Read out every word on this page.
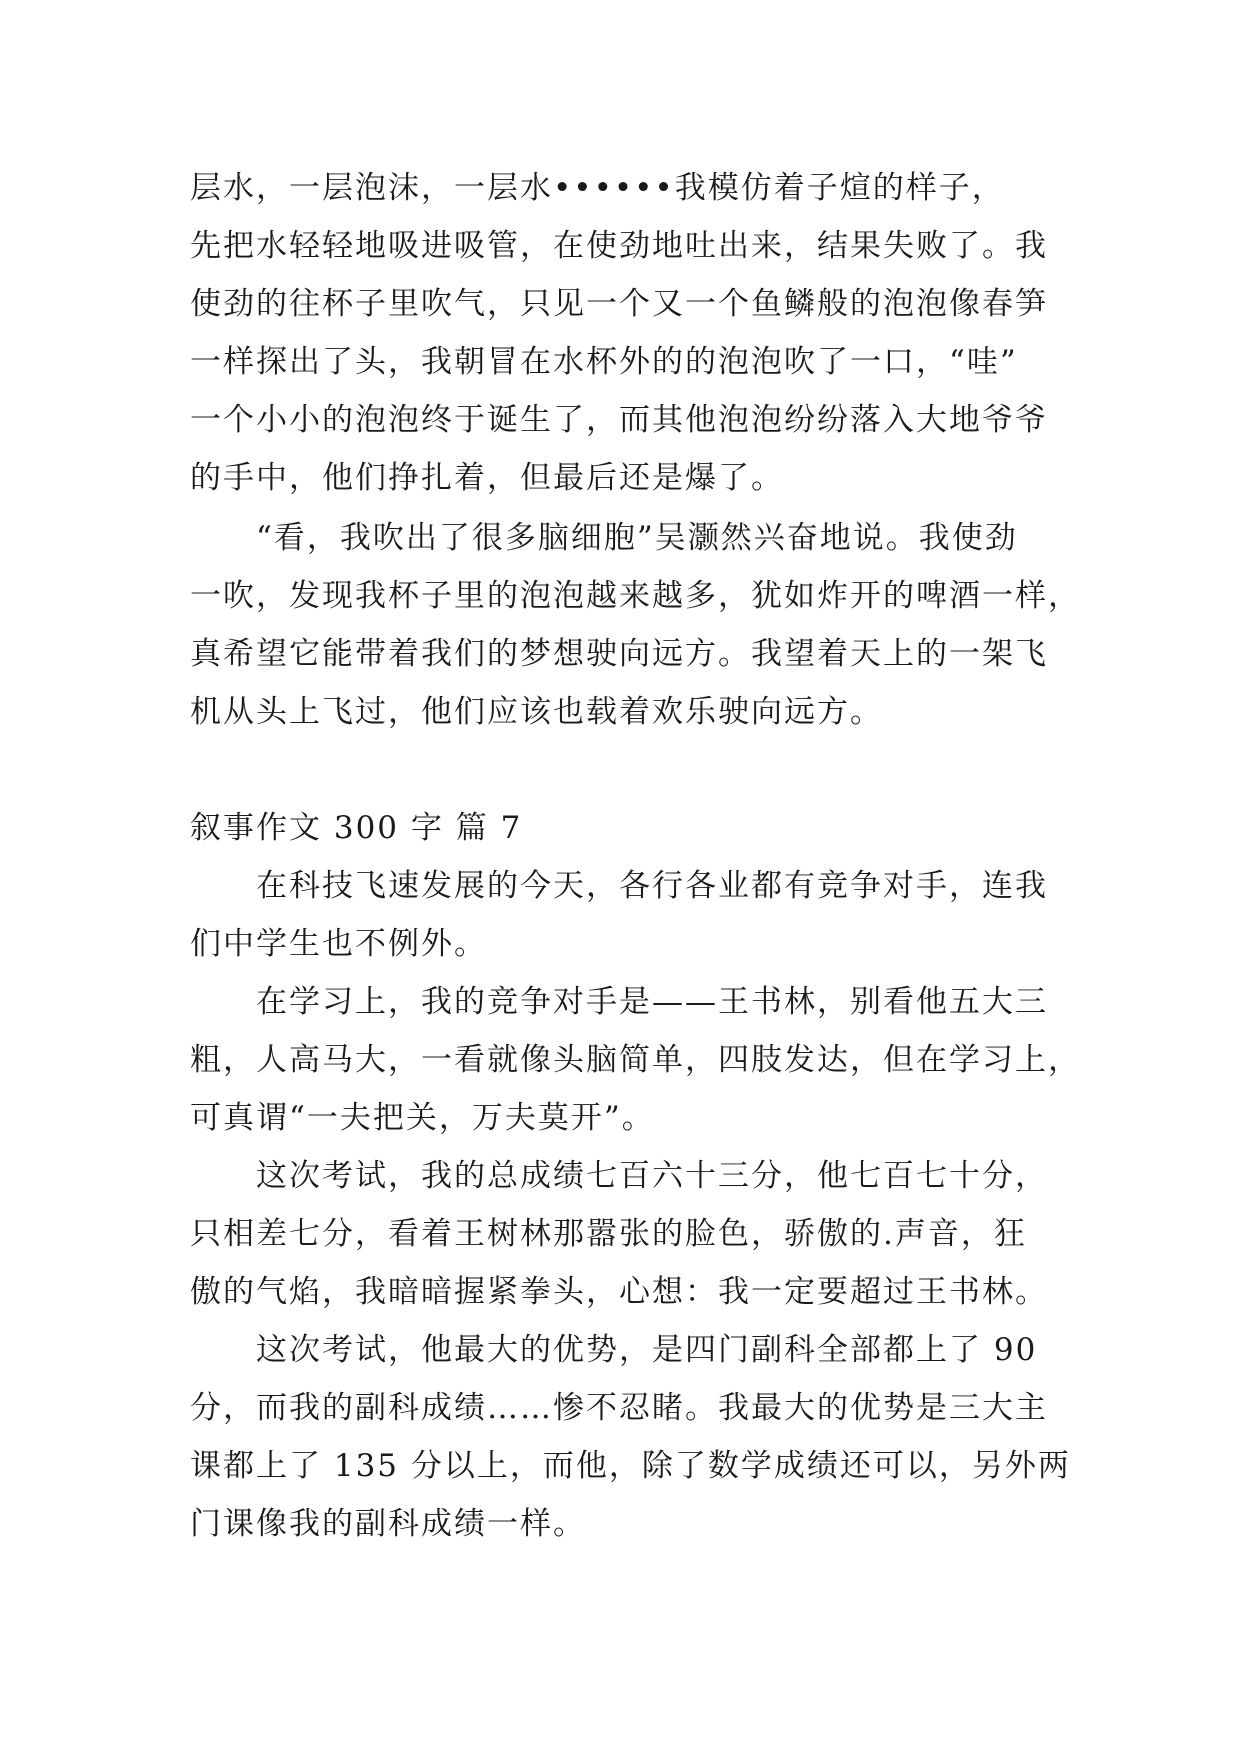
层水，一层泡沫，一层水••••••我模仿着子煊的样子，
先把水轻轻地吸进吸管，在使劲地吐出来，结果失败了。我
使劲的往杯子里吹气，只见一个又一个鱼鳞般的泡泡像春笋
一样探出了头，我朝冒在水杯外的的泡泡吹了一口，“哇”
一个小小的泡泡终于诞生了，而其他泡泡纷纷落入大地爷爷
的手中，他们挣扎着，但最后还是爆了。
“看，我吹出了很多脑细胞”吴灏然兴奋地说。我使劲
一吹，发现我杯子里的泡泡越来越多，犹如炸开的啤酒一样，
真希望它能带着我们的梦想驶向远方。我望着天上的一架飞
机从头上飞过，他们应该也载着欢乐驶向远方。
叙事作文 300 字 篇 7
在科技飞速发展的今天，各行各业都有竞争对手，连我
们中学生也不例外。
在学习上，我的竞争对手是——王书林，别看他五大三
粗，人高马大，一看就像头脑简单，四肢发达，但在学习上，
可真谓“一夫把关，万夫莫开”。
这次考试，我的总成绩七百六十三分，他七百七十分，
只相差七分，看着王树林那嚣张的脸色，骄傲的.声音，狂
傲的气焰，我暗暗握紧拳头，心想：我一定要超过王书林。
这次考试，他最大的优势，是四门副科全部都上了 90
分，而我的副科成绩……惨不忍睹。我最大的优势是三大主
课都上了 135 分以上，而他，除了数学成绩还可以，另外两
门课像我的副科成绩一样。
